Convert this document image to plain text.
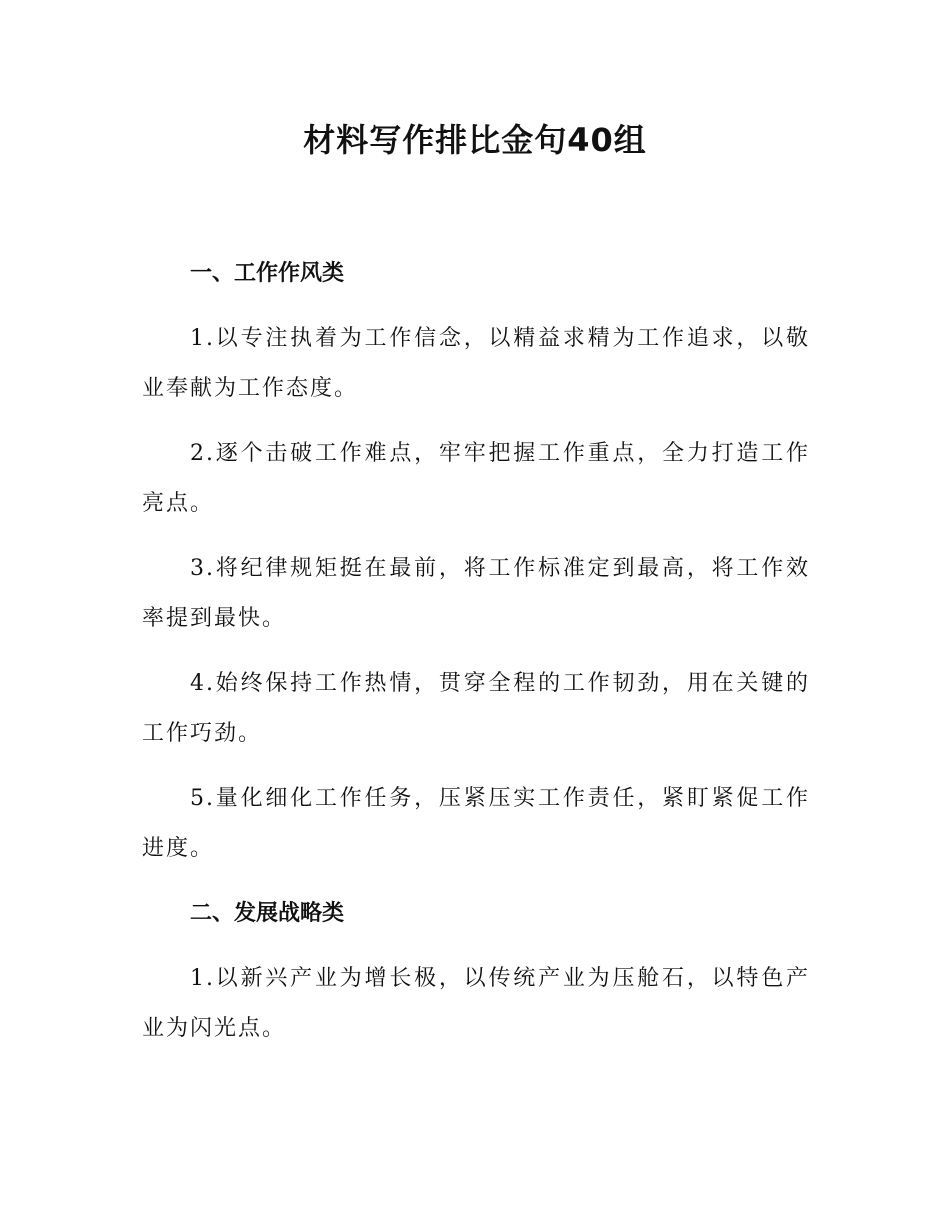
材料写作排比金句40组
一、工作作风类

1.以专注执着为工作信念，以精益求精为工作追求，以敬业奉献为工作态度。

2.逐个击破工作难点，牢牢把握工作重点，全力打造工作亮点。

3.将纪律规矩挺在最前，将工作标准定到最高，将工作效率提到最快。

4.始终保持工作热情，贯穿全程的工作韧劲，用在关键的工作巧劲。

5.量化细化工作任务，压紧压实工作责任，紧盯紧促工作进度。

二、发展战略类

1.以新兴产业为增长极，以传统产业为压舱石，以特色产业为闪光点。
